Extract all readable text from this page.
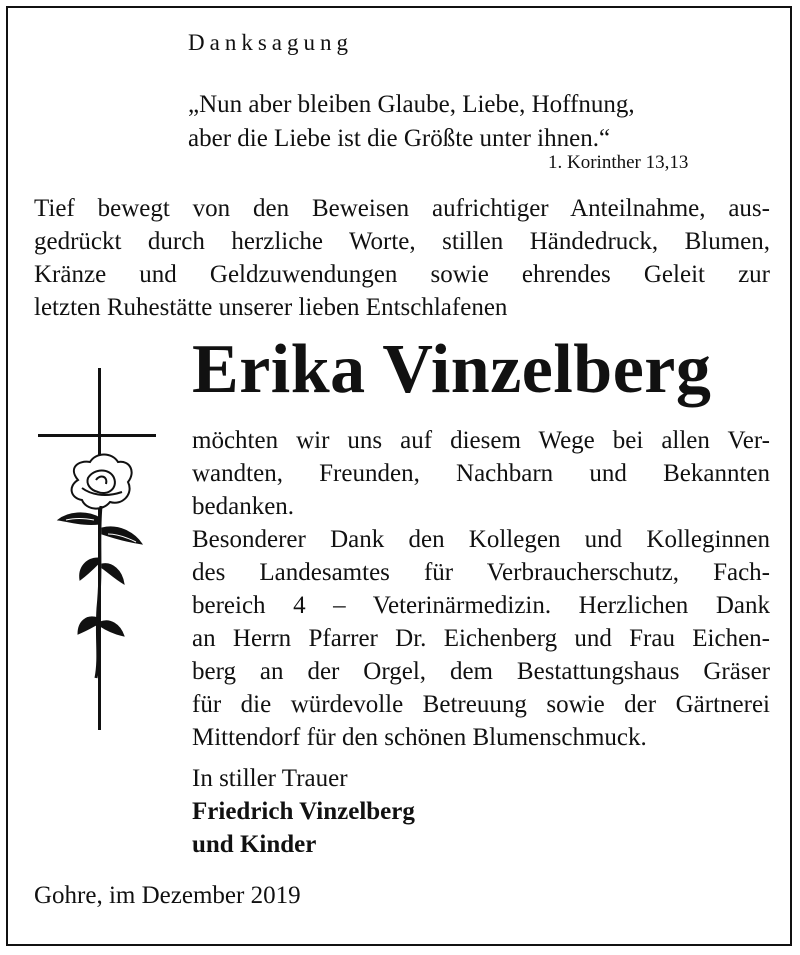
Danksagung
„Nun aber bleiben Glaube, Liebe, Hoffnung,
aber die Liebe ist die Größte unter ihnen.“
1. Korinther 13,13
Tief bewegt von den Beweisen aufrichtiger Anteilnahme, aus-
gedrückt durch herzliche Worte, stillen Händedruck, Blumen,
Kränze und Geldzuwendungen sowie ehrendes Geleit zur
letzten Ruhestätte unserer lieben Entschlafenen
Erika Vinzelberg
möchten wir uns auf diesem Wege bei allen Ver-
wandten, Freunden, Nachbarn und Bekannten
bedanken.
Besonderer Dank den Kollegen und Kolleginnen
des Landesamtes für Verbraucherschutz, Fach-
bereich 4 – Veterinärmedizin. Herzlichen Dank
an Herrn Pfarrer Dr. Eichenberg und Frau Eichen-
berg an der Orgel, dem Bestattungshaus Gräser
für die würdevolle Betreuung sowie der Gärtnerei
Mittendorf für den schönen Blumenschmuck.
In stiller Trauer
Friedrich Vinzelberg
und Kinder
Gohre, im Dezember 2019
